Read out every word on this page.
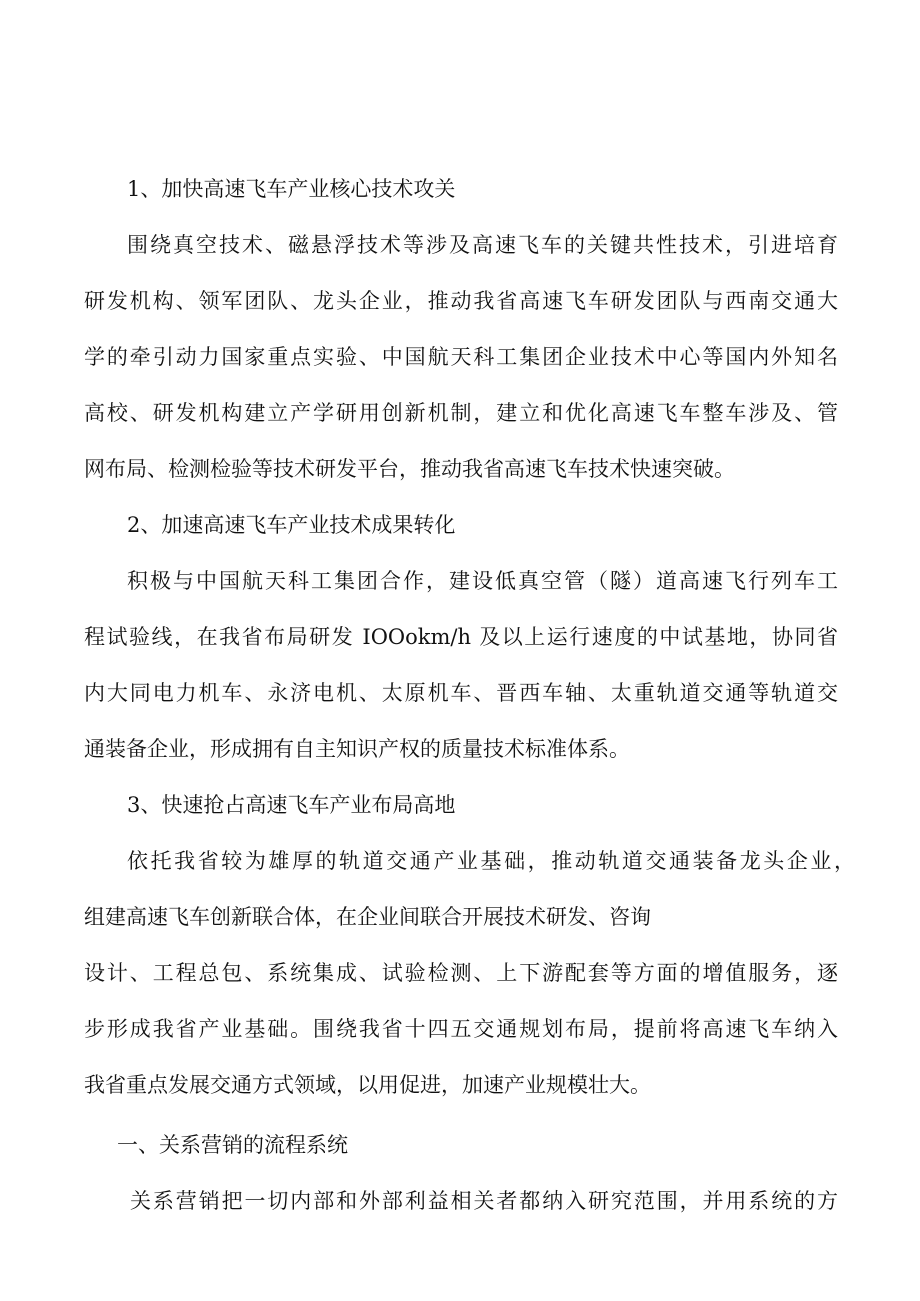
1、加快高速飞车产业核心技术攻关
围绕真空技术、磁悬浮技术等涉及高速飞车的关键共性技术，引进培育
研发机构、领军团队、龙头企业，推动我省高速飞车研发团队与西南交通大
学的牵引动力国家重点实验、中国航天科工集团企业技术中心等国内外知名
高校、研发机构建立产学研用创新机制，建立和优化高速飞车整车涉及、管
网布局、检测检验等技术研发平台，推动我省高速飞车技术快速突破。
2、加速高速飞车产业技术成果转化
积极与中国航天科工集团合作，建设低真空管（隧）道高速飞行列车工
程试验线，在我省布局研发 IOOokm/h 及以上运行速度的中试基地，协同省
内大同电力机车、永济电机、太原机车、晋西车轴、太重轨道交通等轨道交
通装备企业，形成拥有自主知识产权的质量技术标准体系。
3、快速抢占高速飞车产业布局高地
依托我省较为雄厚的轨道交通产业基础，推动轨道交通装备龙头企业，
组建高速飞车创新联合体，在企业间联合开展技术研发、咨询
设计、工程总包、系统集成、试验检测、上下游配套等方面的增值服务，逐
步形成我省产业基础。围绕我省十四五交通规划布局，提前将高速飞车纳入
我省重点发展交通方式领域，以用促进，加速产业规模壮大。
一、关系营销的流程系统
关系营销把一切内部和外部利益相关者都纳入研究范围，并用系统的方
